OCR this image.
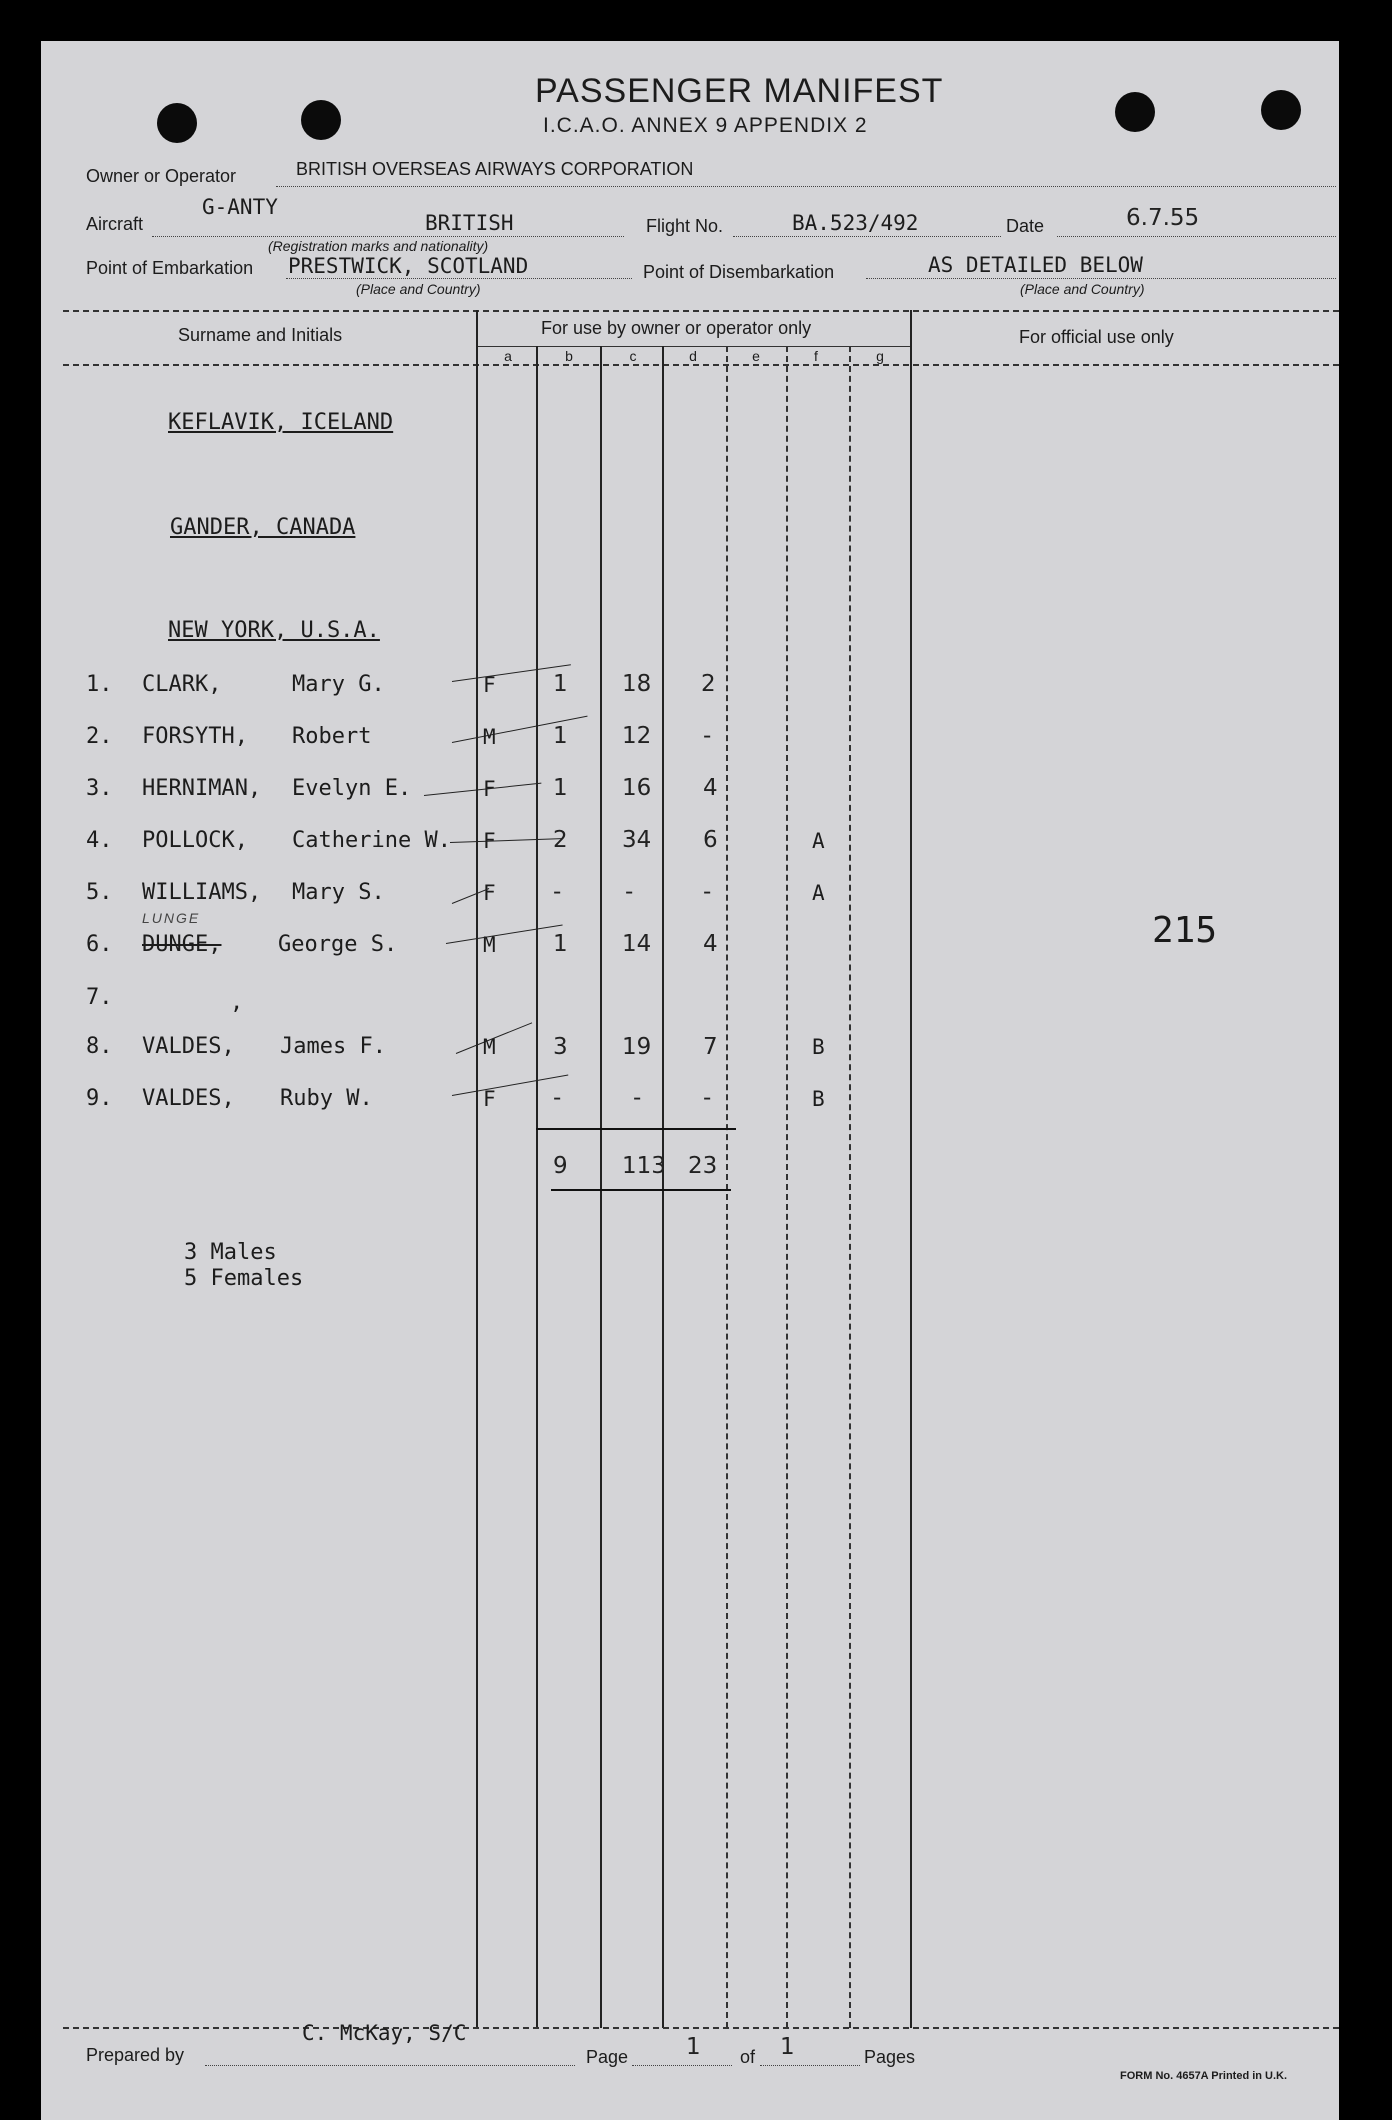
PASSENGER MANIFEST
I.C.A.O. ANNEX 9 APPENDIX 2
Owner or Operator	BRITISH OVERSEAS AIRWAYS CORPORATION
Aircraft
G-ANTY
BRITISH
(Registration marks and nationality)
Flight No.	BA.523/492	Date	6.7.55
Point of Embarkation PRESTWICK, SCOTLAND
(Place and Country)
Point of Disembarkation	AS DETAILED BELOW
(Place and Country)
Surname and Initials	For use by owner or operator only	For official use only
a	b	c	d	e	f	g
KEFLAVIK, ICELAND
GANDER, CANADA
NEW YORK, U.S.A.
1. CLARK,	Mary G.	F 1 18 2
2. FORSYTH, Robert	M 1 12 -
3. HERNIMAN, Evelyn E.	F 1 16 4
4. POLLOCK, Catherine W. F 2 34 6	A
5. WILLIAMS, Mary S.	F -	-	-	A
LUNGE
6. DUNGE,	George S.	M 1 14 4
7.	,
8. VALDES, James F.	M 3 19 7	B
9. VALDES, Ruby W.	F -	-	-	B
9 113 23
3 Males
5 Females
215
Prepared by
C. McKay, S/C
Page	1 of 1	Pages
FORM No. 4657A Printed in U.K.
